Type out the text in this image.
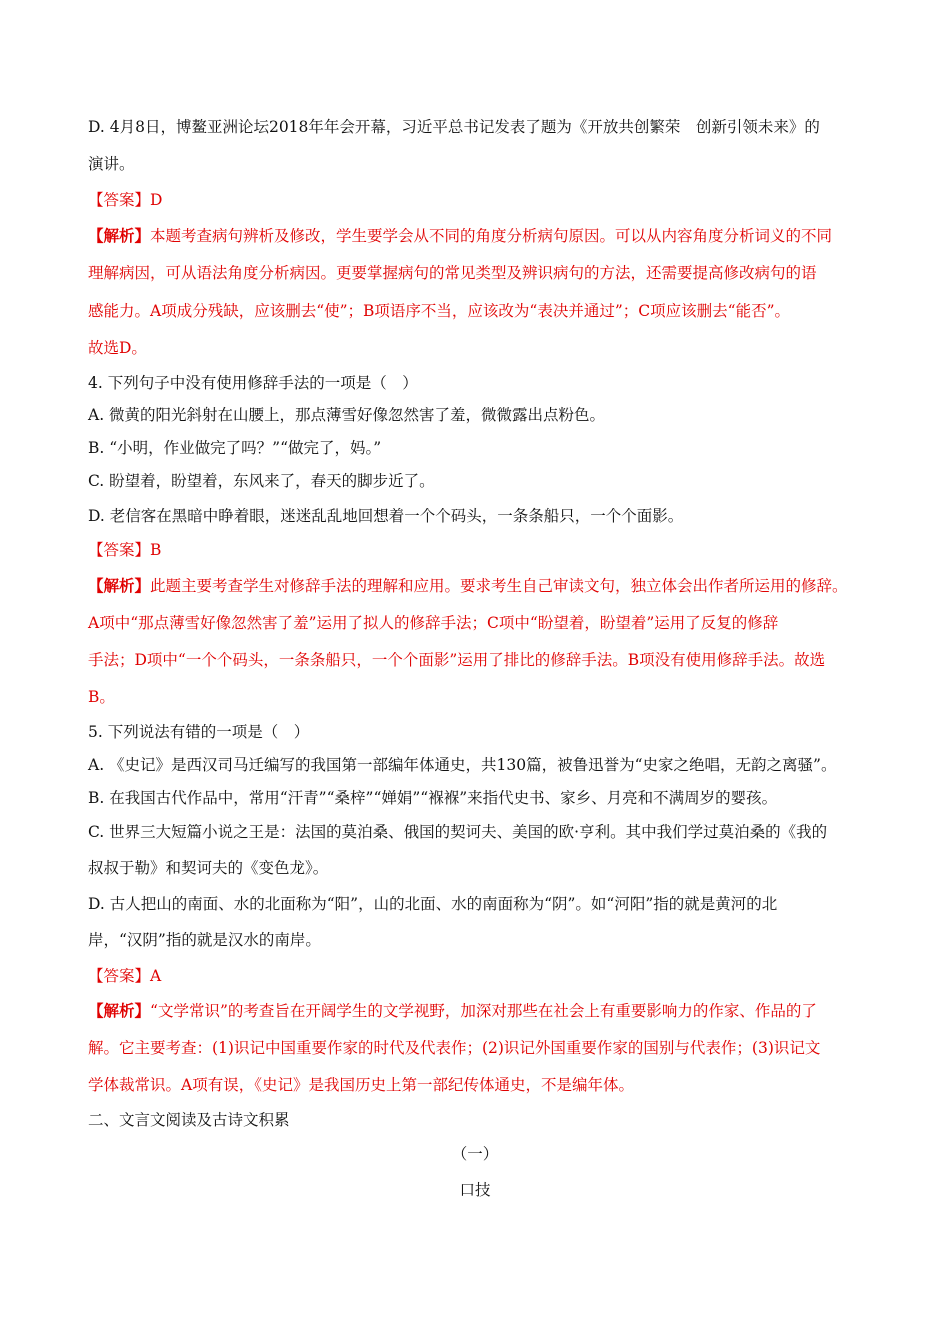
D. 4月8日，博鳌亚洲论坛2018年年会开幕，习近平总书记发表了题为《开放共创繁荣　创新引领未来》的
演讲。
【答案】D
【解析】本题考查病句辨析及修改，学生要学会从不同的角度分析病句原因。可以从内容角度分析词义的不同
理解病因，可从语法角度分析病因。更要掌握病句的常见类型及辨识病句的方法，还需要提高修改病句的语
感能力。A项成分残缺，应该删去“使”；B项语序不当，应该改为“表决并通过”；C项应该删去“能否”。
故选D。
4. 下列句子中没有使用修辞手法的一项是（　）
A. 微黄的阳光斜射在山腰上，那点薄雪好像忽然害了羞，微微露出点粉色。
B. “小明，作业做完了吗？”“做完了，妈。”
C. 盼望着，盼望着，东风来了，春天的脚步近了。
D. 老信客在黑暗中睁着眼，迷迷乱乱地回想着一个个码头，一条条船只，一个个面影。
【答案】B
【解析】此题主要考查学生对修辞手法的理解和应用。要求考生自己审读文句，独立体会出作者所运用的修辞。
A项中“那点薄雪好像忽然害了羞”运用了拟人的修辞手法；C项中“盼望着，盼望着”运用了反复的修辞
手法；D项中“一个个码头，一条条船只，一个个面影”运用了排比的修辞手法。B项没有使用修辞手法。故选
B。
5. 下列说法有错的一项是（　）
A. 《史记》是西汉司马迁编写的我国第一部编年体通史，共130篇，被鲁迅誉为“史家之绝唱，无韵之离骚”。
B. 在我国古代作品中，常用“汗青”“桑梓”“婵娟”“褓褓”来指代史书、家乡、月亮和不满周岁的婴孩。
C. 世界三大短篇小说之王是：法国的莫泊桑、俄国的契诃夫、美国的欧·亨利。其中我们学过莫泊桑的《我的
叔叔于勒》和契诃夫的《变色龙》。
D. 古人把山的南面、水的北面称为“阳”，山的北面、水的南面称为“阴”。如“河阳”指的就是黄河的北
岸，“汉阴”指的就是汉水的南岸。
【答案】A
【解析】“文学常识”的考查旨在开阔学生的文学视野，加深对那些在社会上有重要影响力的作家、作品的了
解。它主要考查：(1)识记中国重要作家的时代及代表作；(2)识记外国重要作家的国别与代表作；(3)识记文
学体裁常识。A项有误，《史记》是我国历史上第一部纪传体通史，不是编年体。
二、文言文阅读及古诗文积累
（一）
口技
